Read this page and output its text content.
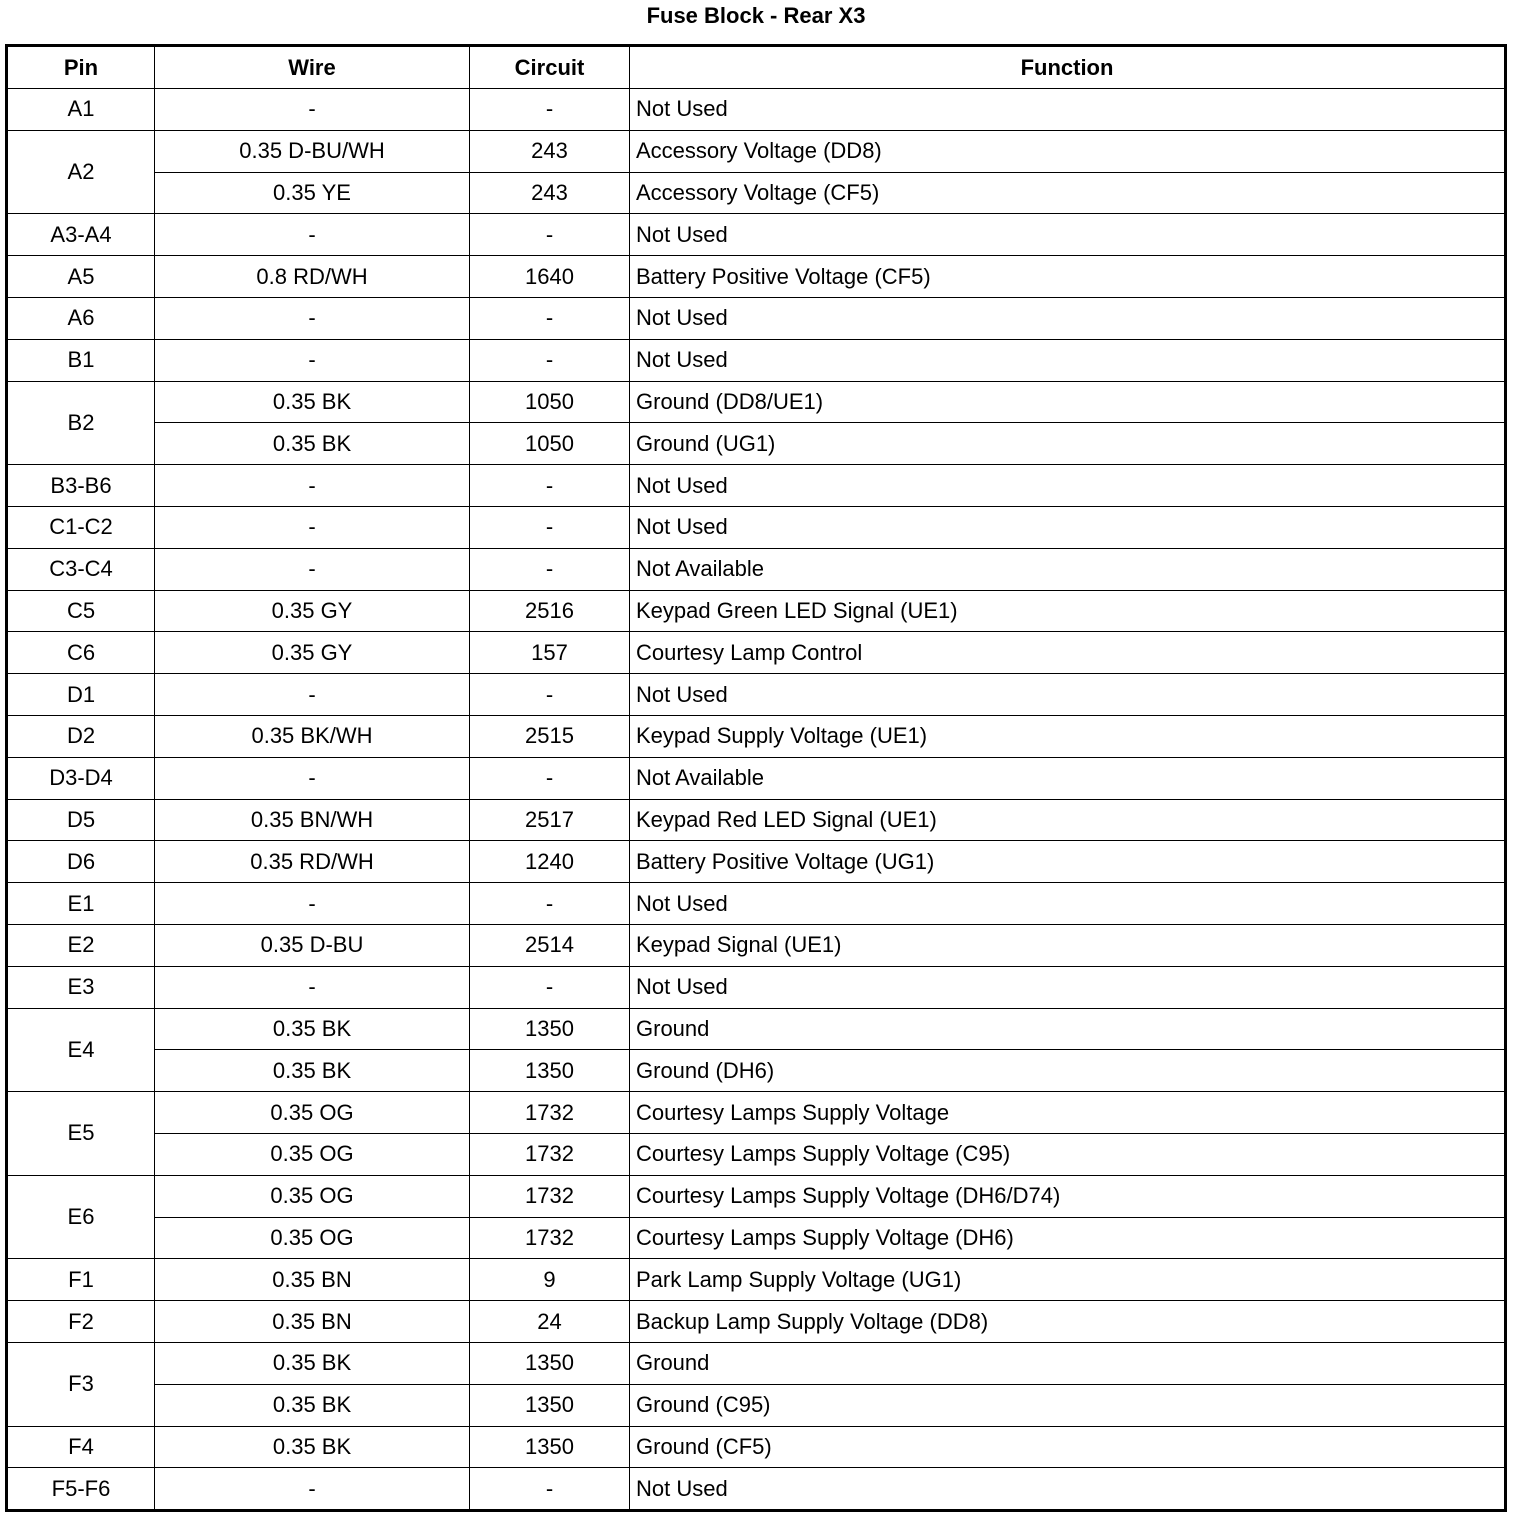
Fuse Block - Rear X3
Pin	Wire	Circuit	Function
A1	-	-	Not Used
A2	0.35 D-BU/WH	243	Accessory Voltage (DD8)
	0.35 YE	243	Accessory Voltage (CF5)
A3-A4	-	-	Not Used
A5	0.8 RD/WH	1640	Battery Positive Voltage (CF5)
A6	-	-	Not Used
B1	-	-	Not Used
B2	0.35 BK	1050	Ground (DD8/UE1)
	0.35 BK	1050	Ground (UG1)
B3-B6	-	-	Not Used
C1-C2	-	-	Not Used
C3-C4	-	-	Not Available
C5	0.35 GY	2516	Keypad Green LED Signal (UE1)
C6	0.35 GY	157	Courtesy Lamp Control
D1	-	-	Not Used
D2	0.35 BK/WH	2515	Keypad Supply Voltage (UE1)
D3-D4	-	-	Not Available
D5	0.35 BN/WH	2517	Keypad Red LED Signal (UE1)
D6	0.35 RD/WH	1240	Battery Positive Voltage (UG1)
E1	-	-	Not Used
E2	0.35 D-BU	2514	Keypad Signal (UE1)
E3	-	-	Not Used
E4	0.35 BK	1350	Ground
	0.35 BK	1350	Ground (DH6)
E5	0.35 OG	1732	Courtesy Lamps Supply Voltage
	0.35 OG	1732	Courtesy Lamps Supply Voltage (C95)
E6	0.35 OG	1732	Courtesy Lamps Supply Voltage (DH6/D74)
	0.35 OG	1732	Courtesy Lamps Supply Voltage (DH6)
F1	0.35 BN	9	Park Lamp Supply Voltage (UG1)
F2	0.35 BN	24	Backup Lamp Supply Voltage (DD8)
F3	0.35 BK	1350	Ground
	0.35 BK	1350	Ground (C95)
F4	0.35 BK	1350	Ground (CF5)
F5-F6	-	-	Not Used
